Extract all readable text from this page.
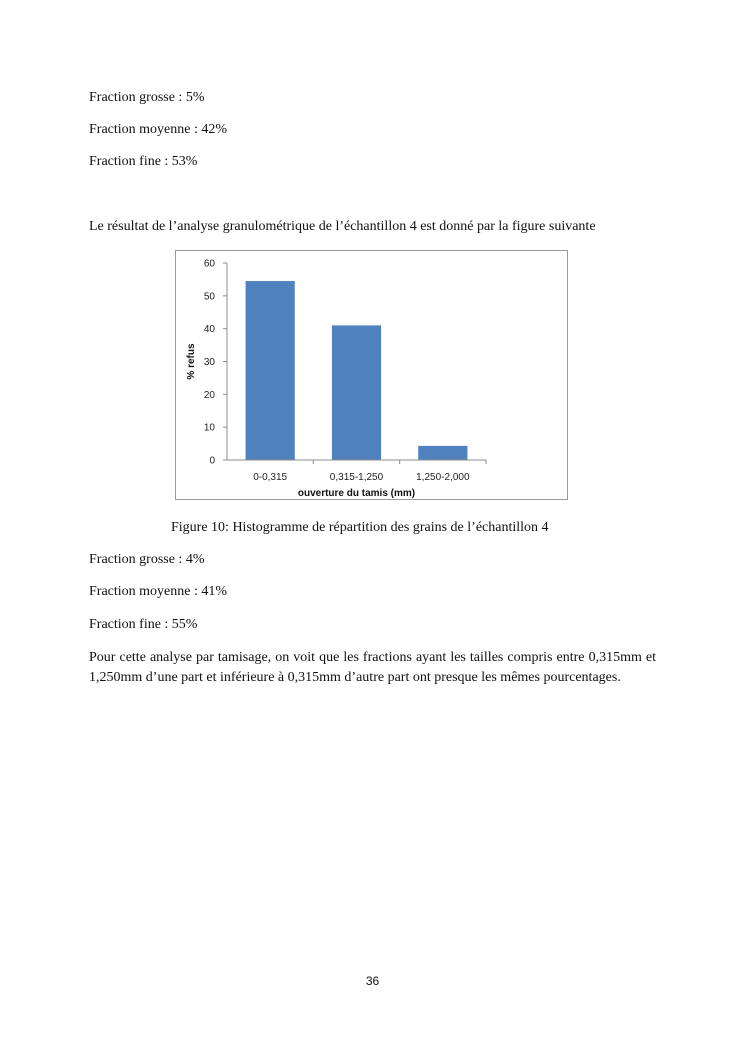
Fraction grosse : 5%

Fraction moyenne : 42%

Fraction fine : 53%

Le résultat de l’analyse granulométrique de l’échantillon 4 est donné par la figure suivante

0
10
20
30
40
50
60
0-0,315	0,315-1,250	1,250-2,000
% refus
ouverture du tamis (mm)

Figure 10: Histogramme de répartition des grains de l’échantillon 4

Fraction grosse : 4%

Fraction moyenne : 41%

Fraction fine : 55%

Pour cette analyse par tamisage, on voit que les fractions ayant les tailles compris entre 0,315mm et 1,250mm d’une part et inférieure à 0,315mm d’autre part ont presque les mêmes pourcentages.

36
